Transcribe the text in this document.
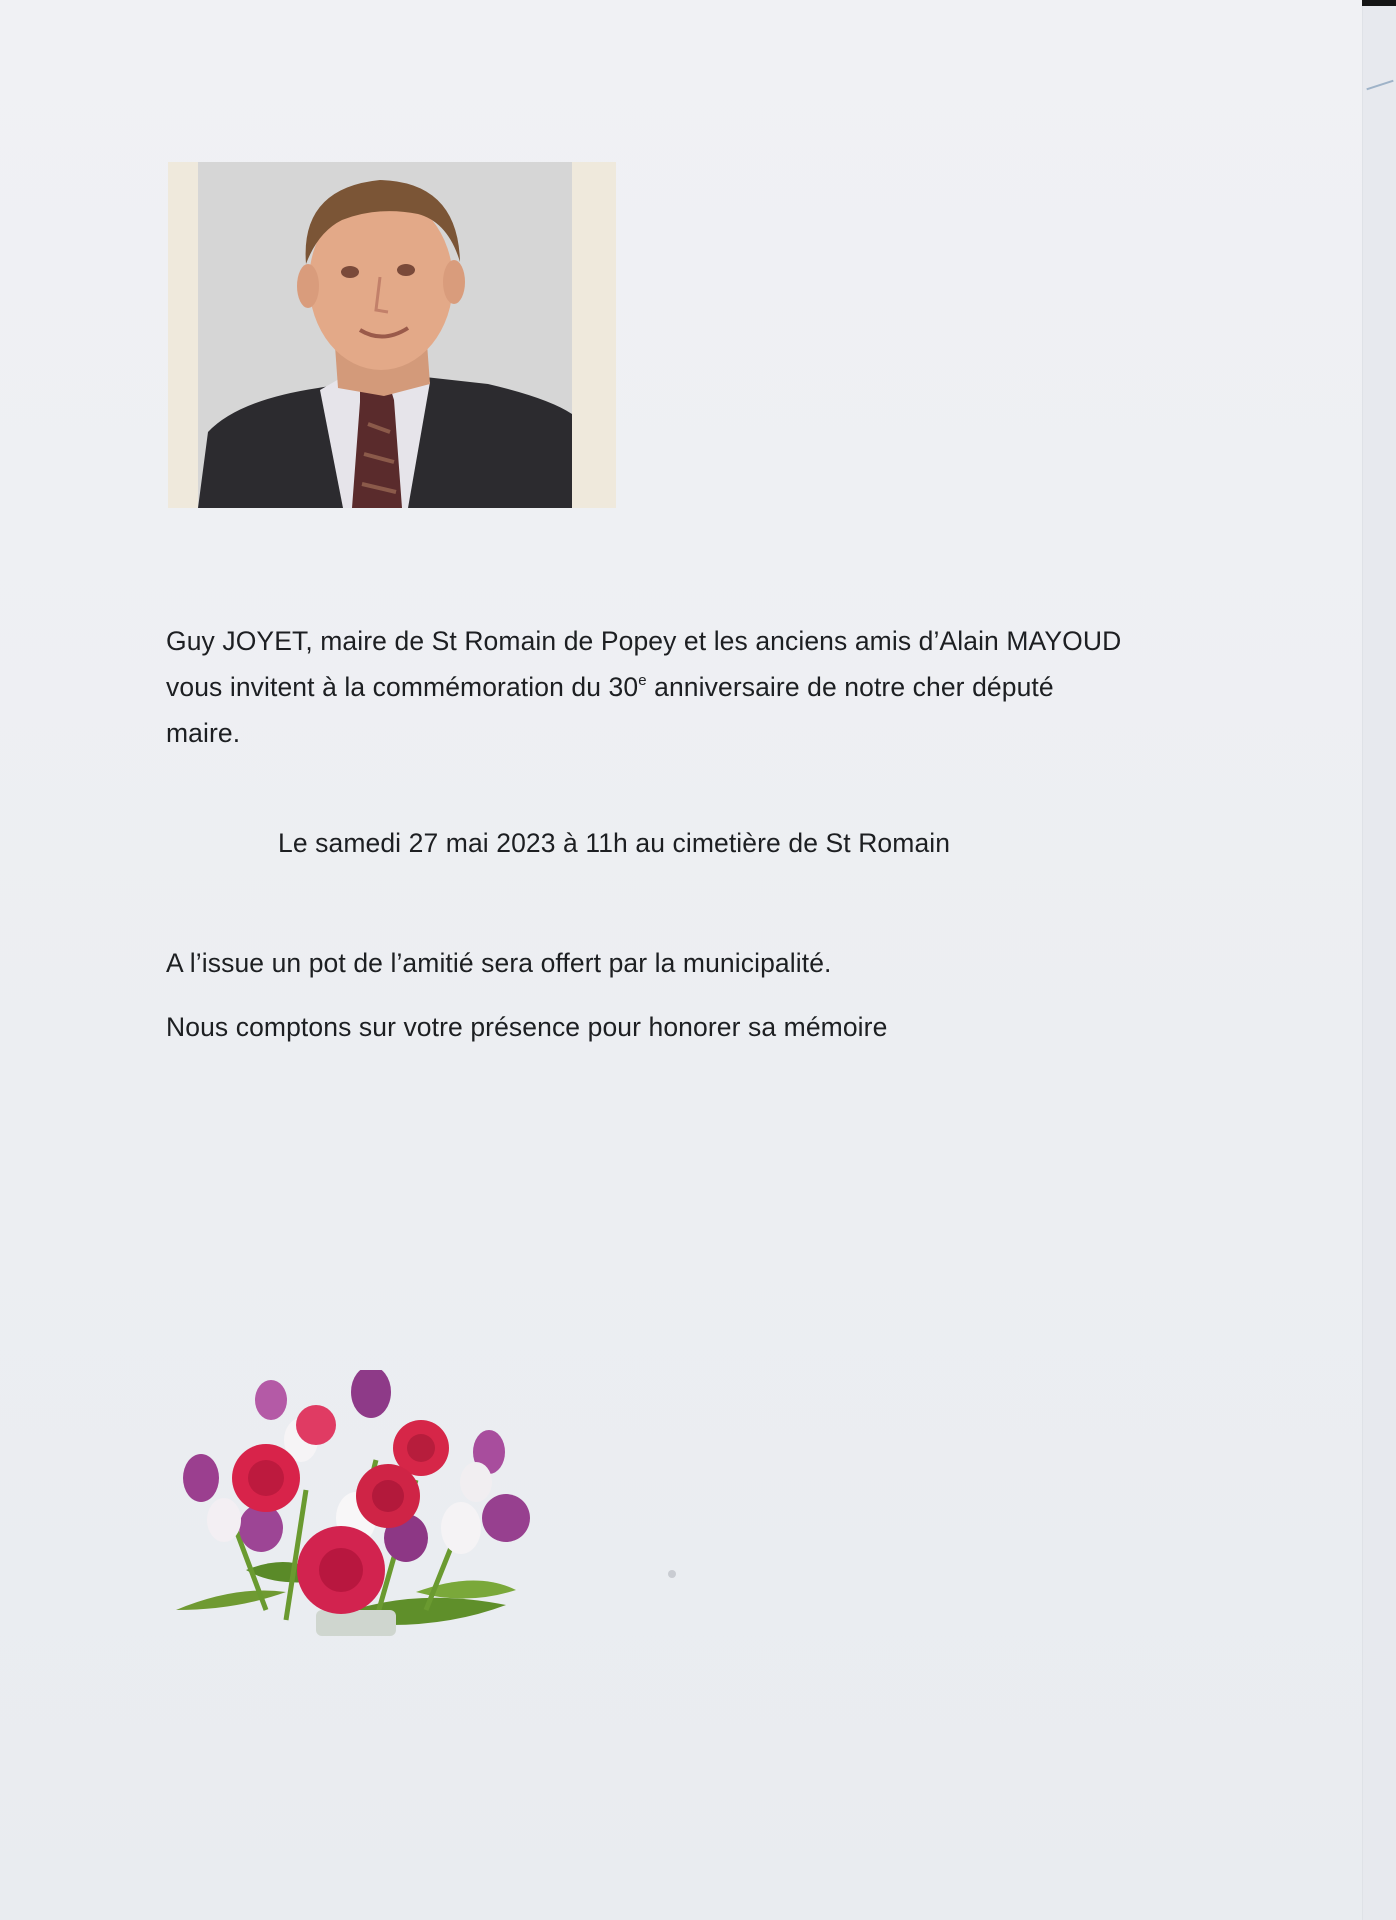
Guy JOYET, maire de St Romain de Popey et les anciens amis d’Alain MAYOUD
vous invitent à la commémoration du 30e anniversaire de notre cher député
maire.
Le samedi 27 mai 2023 à 11h au cimetière de St Romain
A l’issue un pot de l’amitié sera offert par la municipalité.
Nous comptons sur votre présence pour honorer sa mémoire
